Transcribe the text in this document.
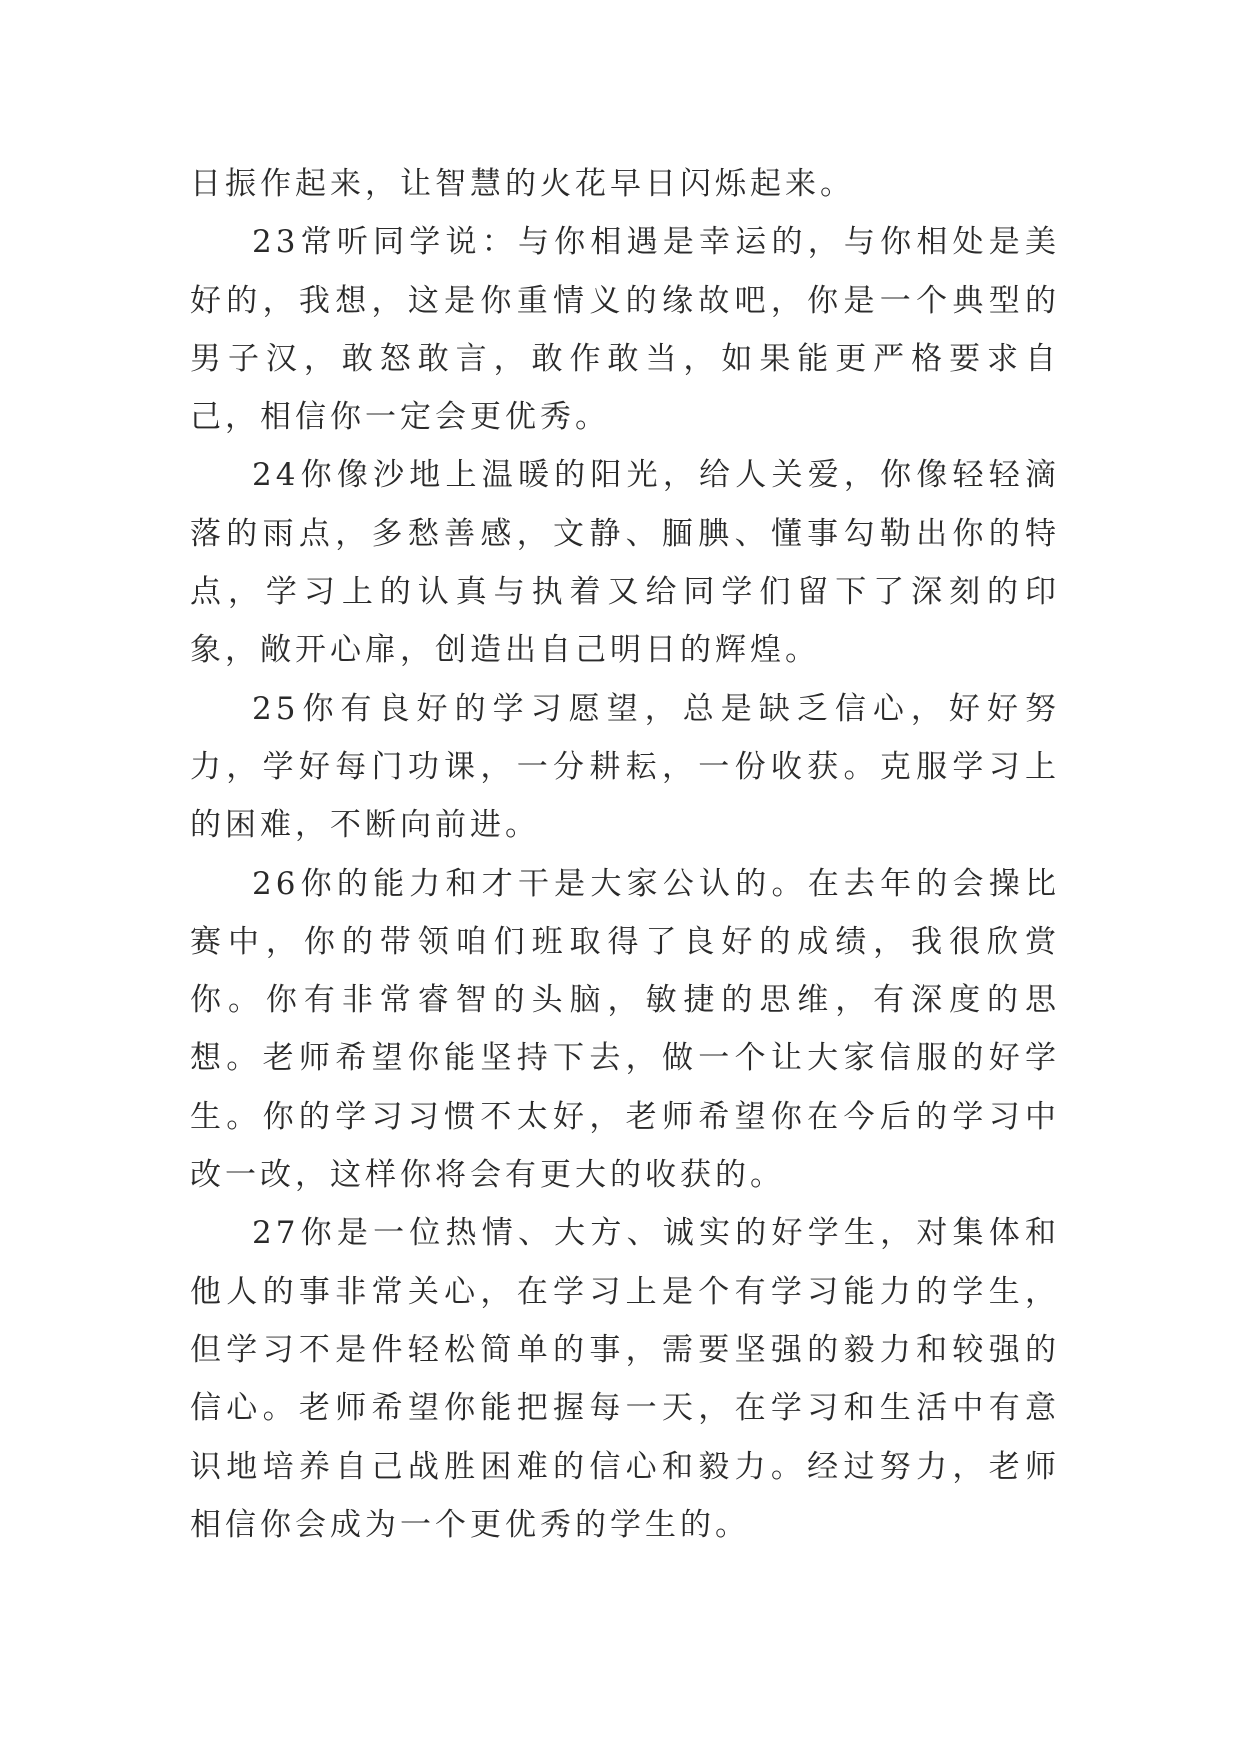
日振作起来，让智慧的火花早日闪烁起来。

23常听同学说：与你相遇是幸运的，与你相处是美好的，我想，这是你重情义的缘故吧，你是一个典型的男子汉，敢怒敢言，敢作敢当，如果能更严格要求自己，相信你一定会更优秀。

24你像沙地上温暖的阳光，给人关爱，你像轻轻滴落的雨点，多愁善感，文静、腼腆、懂事勾勒出你的特点，学习上的认真与执着又给同学们留下了深刻的印象，敞开心扉，创造出自己明日的辉煌。

25你有良好的学习愿望，总是缺乏信心，好好努力，学好每门功课，一分耕耘，一份收获。克服学习上的困难，不断向前进。

26你的能力和才干是大家公认的。在去年的会操比赛中，你的带领咱们班取得了良好的成绩，我很欣赏你。你有非常睿智的头脑，敏捷的思维，有深度的思想。老师希望你能坚持下去，做一个让大家信服的好学生。你的学习习惯不太好，老师希望你在今后的学习中改一改，这样你将会有更大的收获的。

27你是一位热情、大方、诚实的好学生，对集体和他人的事非常关心，在学习上是个有学习能力的学生，但学习不是件轻松简单的事，需要坚强的毅力和较强的信心。老师希望你能把握每一天，在学习和生活中有意识地培养自己战胜困难的信心和毅力。经过努力，老师相信你会成为一个更优秀的学生的。
